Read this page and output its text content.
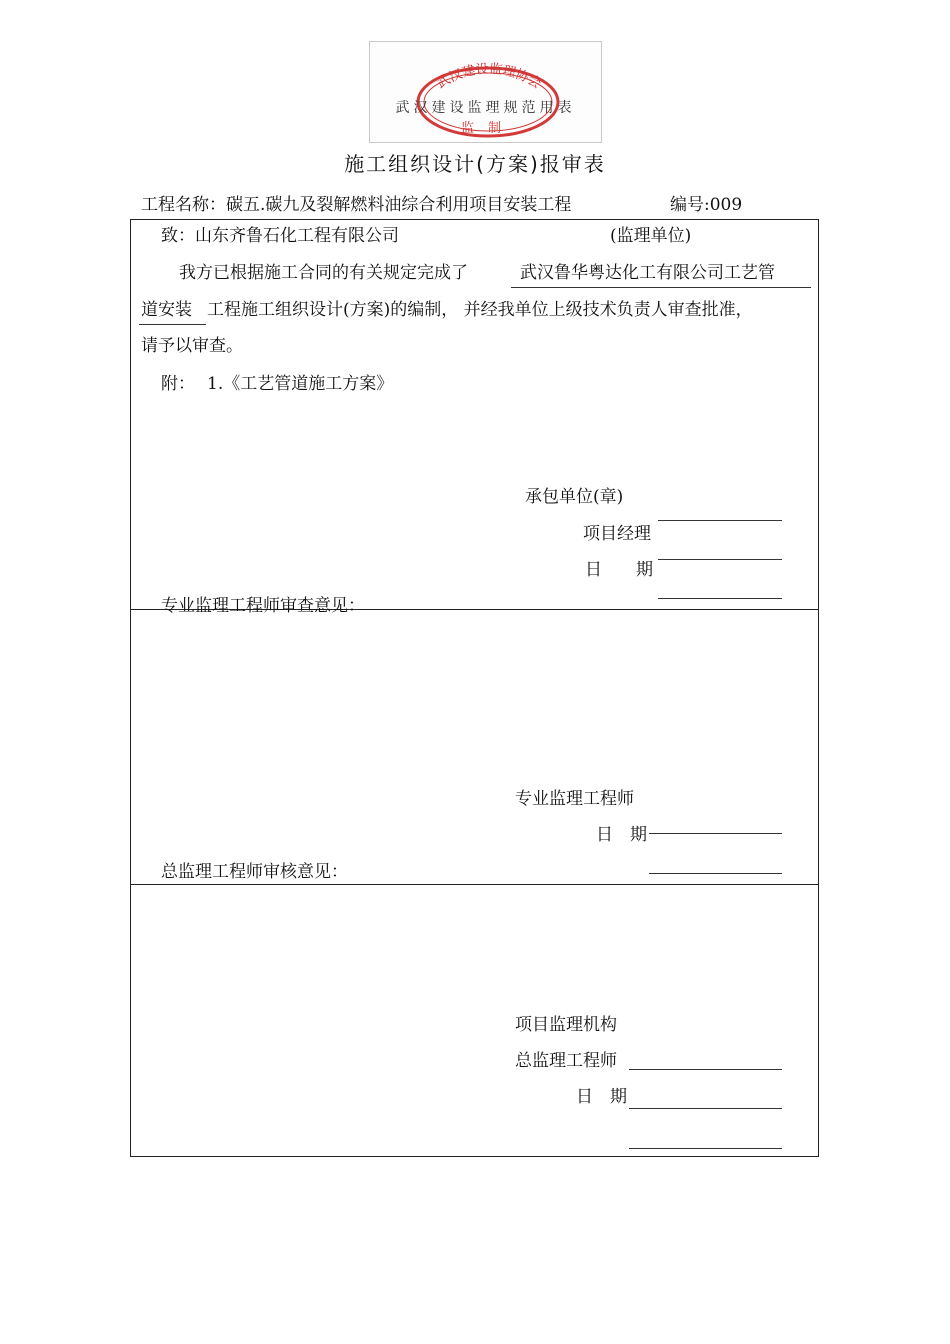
武汉建设监理协会
监制
武汉建设监理规范用表
施工组织设计(方案)报审表
工程名称：碳五.碳九及裂解燃料油综合利用项目安装工程	编号:009
致：山东齐鲁石化工程有限公司	(监理单位)
我方已根据施工合同的有关规定完成了	武汉鲁华粤达化工有限公司工艺管
道安装 工程施工组织设计(方案)的编制， 并经我单位上级技术负责人审查批准，
请予以审查。
附： 1.《工艺管道施工方案》
承包单位(章)
项目经理
日　　期
专业监理工程师审查意见：
专业监理工程师
日　期
总监理工程师审核意见：
项目监理机构
总监理工程师
日　期
